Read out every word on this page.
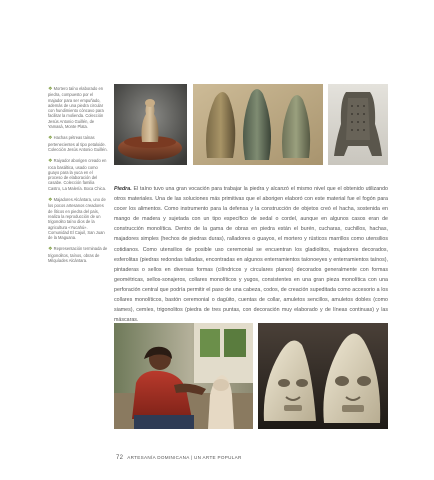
❖ Mortero taíno elaborado en piedra, compuesto por el majador para ser empuñado, además de una piedra circular con hundimiento cóncavo para facilitar la molienda. Colección Jesús Antonio Guillén, de Yamasá, Monte Plata.
❖ Hachas pétreas taínas pertenecientes al tipo petaloide. Colección Jesús Antonio Guillén.
❖ Raiyador aborigen creado en roca basáltica, usado como guayo para la yuca en el proceso de elaboración del casabe. Colección familia Castro, La Malería. Boca Chica.
❖ Majadores Alcántara, uno de los pocos artesanos creadores de líticos en piedra del país, realiza la reproducción de un trigonolito taíno dios de la agricultura «Yucahú». Comunidad El Cajuil, San Juan de la Maguana.
❖ Representación terminada de trigonolitos, taínos, obras de Milquíades Alcántara.
Piedra. El taíno tuvo una gran vocación para trabajar la piedra y alcanzó el mismo nivel que el obtenido utilizando otros materiales. Una de las soluciones más primitivas que el aborigen elaboró con este material fue el fogón para cocer los alimentos. Como instrumento para la defensa y la construcción de objetos creó el hacha, sostenida en mango de madera y sujetada con un tipo específico de sedal o cordel, aunque en algunos casos eran de construcción monolítica. Dentro de la gama de obras en piedra están el burén, cucharas, cuchillos, hachas, majadores simples (hechos de piedras duras), ralladores o guayos, el mortero y rústicos marrillos como utensilios cotidianos. Como utensilios de posible uso ceremonial se encuentran los gladiolitos, majadores decorados, esferolitas (piedras redondas talladas, encontradas en algunos enterramientos taíonoeyes y enterramientos taínos), pintaderas o sellos en diversas formas (cilíndricos y circulares planos) decorados generalmente con formas geométricas, sellos-sonajeros, collares monolíticos y yugos, consistentes en una gran pieza monolítica con una perforación central que podría permitir el paso de una cabeza, codos, de creación supeditada como accesorio a los collares monolíticos, bastón ceremonial o dagüito, cuentas de collar, amuletos sencillos, amuletos dobles (como siames), cemíes, trigonolitos (piedra de tres puntas, con decoración muy elaborado y de líneas continuas) y las máscaras.
72 ARTESANÍA DOMINICANA | UN ARTE POPULAR
